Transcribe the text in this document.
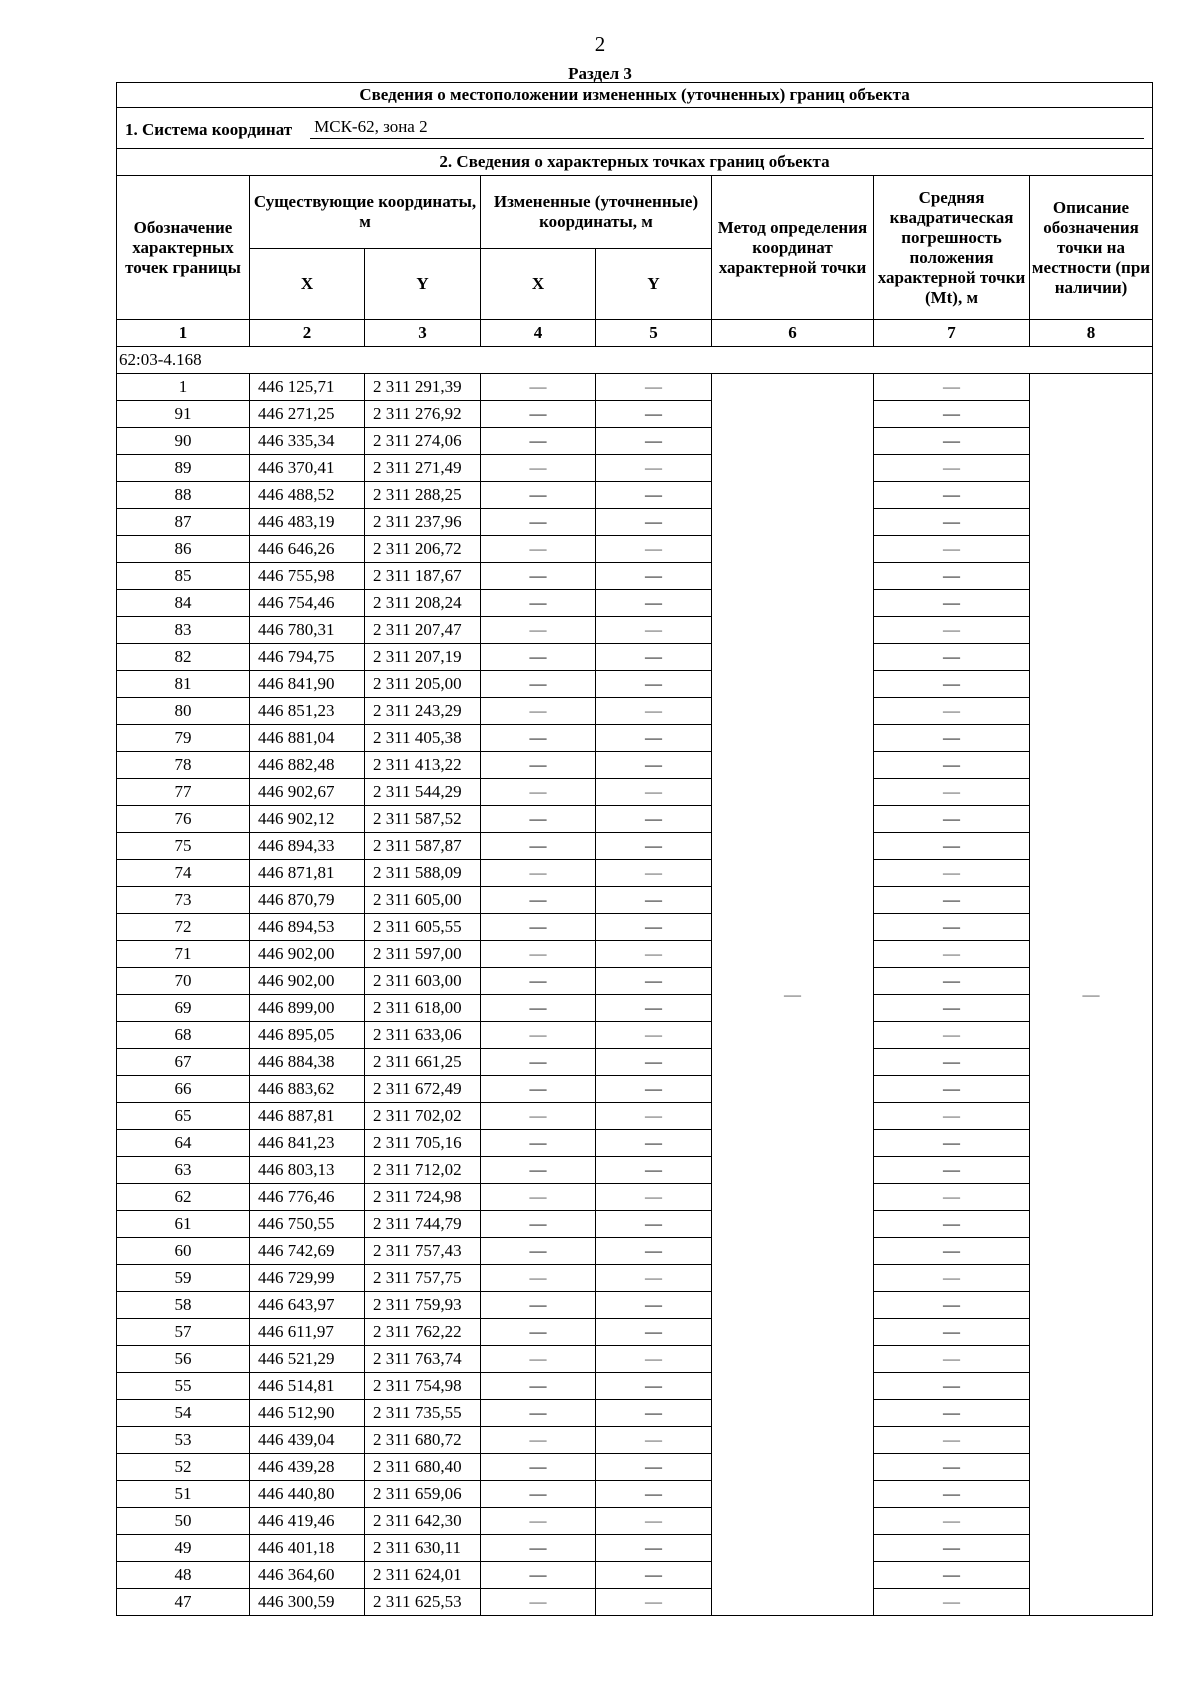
2
Раздел 3
Сведения о местоположении измененных (уточненных) границ объекта							

1. Система координат МСК-62, зона 2							

2. Сведения о характерных точках границ объекта							
Обозначение характерных точек границы	Существующие координаты, м		Измененные (уточненные) координаты, м		Метод определения координат характерной точки	Средняя квадратическая погрешность положения характерной точки (Mt), м	Описание обозначения точки на местности (при наличии)
	X	Y	X	Y			
1	2	3	4	5	6	7	8
62:03-4.168							
1	446 125,71	2 311 291,39	—	—	—	—	—
91	446 271,25	2 311 276,92	—	—		—	
90	446 335,34	2 311 274,06	—	—		—	
89	446 370,41	2 311 271,49	—	—		—	
88	446 488,52	2 311 288,25	—	—		—	
87	446 483,19	2 311 237,96	—	—		—	
86	446 646,26	2 311 206,72	—	—		—	
85	446 755,98	2 311 187,67	—	—		—	
84	446 754,46	2 311 208,24	—	—		—	
83	446 780,31	2 311 207,47	—	—		—	
82	446 794,75	2 311 207,19	—	—		—	
81	446 841,90	2 311 205,00	—	—		—	
80	446 851,23	2 311 243,29	—	—		—	
79	446 881,04	2 311 405,38	—	—		—	
78	446 882,48	2 311 413,22	—	—		—	
77	446 902,67	2 311 544,29	—	—		—	
76	446 902,12	2 311 587,52	—	—		—	
75	446 894,33	2 311 587,87	—	—		—	
74	446 871,81	2 311 588,09	—	—		—	
73	446 870,79	2 311 605,00	—	—		—	
72	446 894,53	2 311 605,55	—	—		—	
71	446 902,00	2 311 597,00	—	—		—	
70	446 902,00	2 311 603,00	—	—		—	
69	446 899,00	2 311 618,00	—	—		—	
68	446 895,05	2 311 633,06	—	—		—	
67	446 884,38	2 311 661,25	—	—		—	
66	446 883,62	2 311 672,49	—	—		—	
65	446 887,81	2 311 702,02	—	—		—	
64	446 841,23	2 311 705,16	—	—		—	
63	446 803,13	2 311 712,02	—	—		—	
62	446 776,46	2 311 724,98	—	—		—	
61	446 750,55	2 311 744,79	—	—		—	
60	446 742,69	2 311 757,43	—	—		—	
59	446 729,99	2 311 757,75	—	—		—	
58	446 643,97	2 311 759,93	—	—		—	
57	446 611,97	2 311 762,22	—	—		—	
56	446 521,29	2 311 763,74	—	—		—	
55	446 514,81	2 311 754,98	—	—		—	
54	446 512,90	2 311 735,55	—	—		—	
53	446 439,04	2 311 680,72	—	—		—	
52	446 439,28	2 311 680,40	—	—		—	
51	446 440,80	2 311 659,06	—	—		—	
50	446 419,46	2 311 642,30	—	—		—	
49	446 401,18	2 311 630,11	—	—		—	
48	446 364,60	2 311 624,01	—	—		—	
47	446 300,59	2 311 625,53	—	—		—	
